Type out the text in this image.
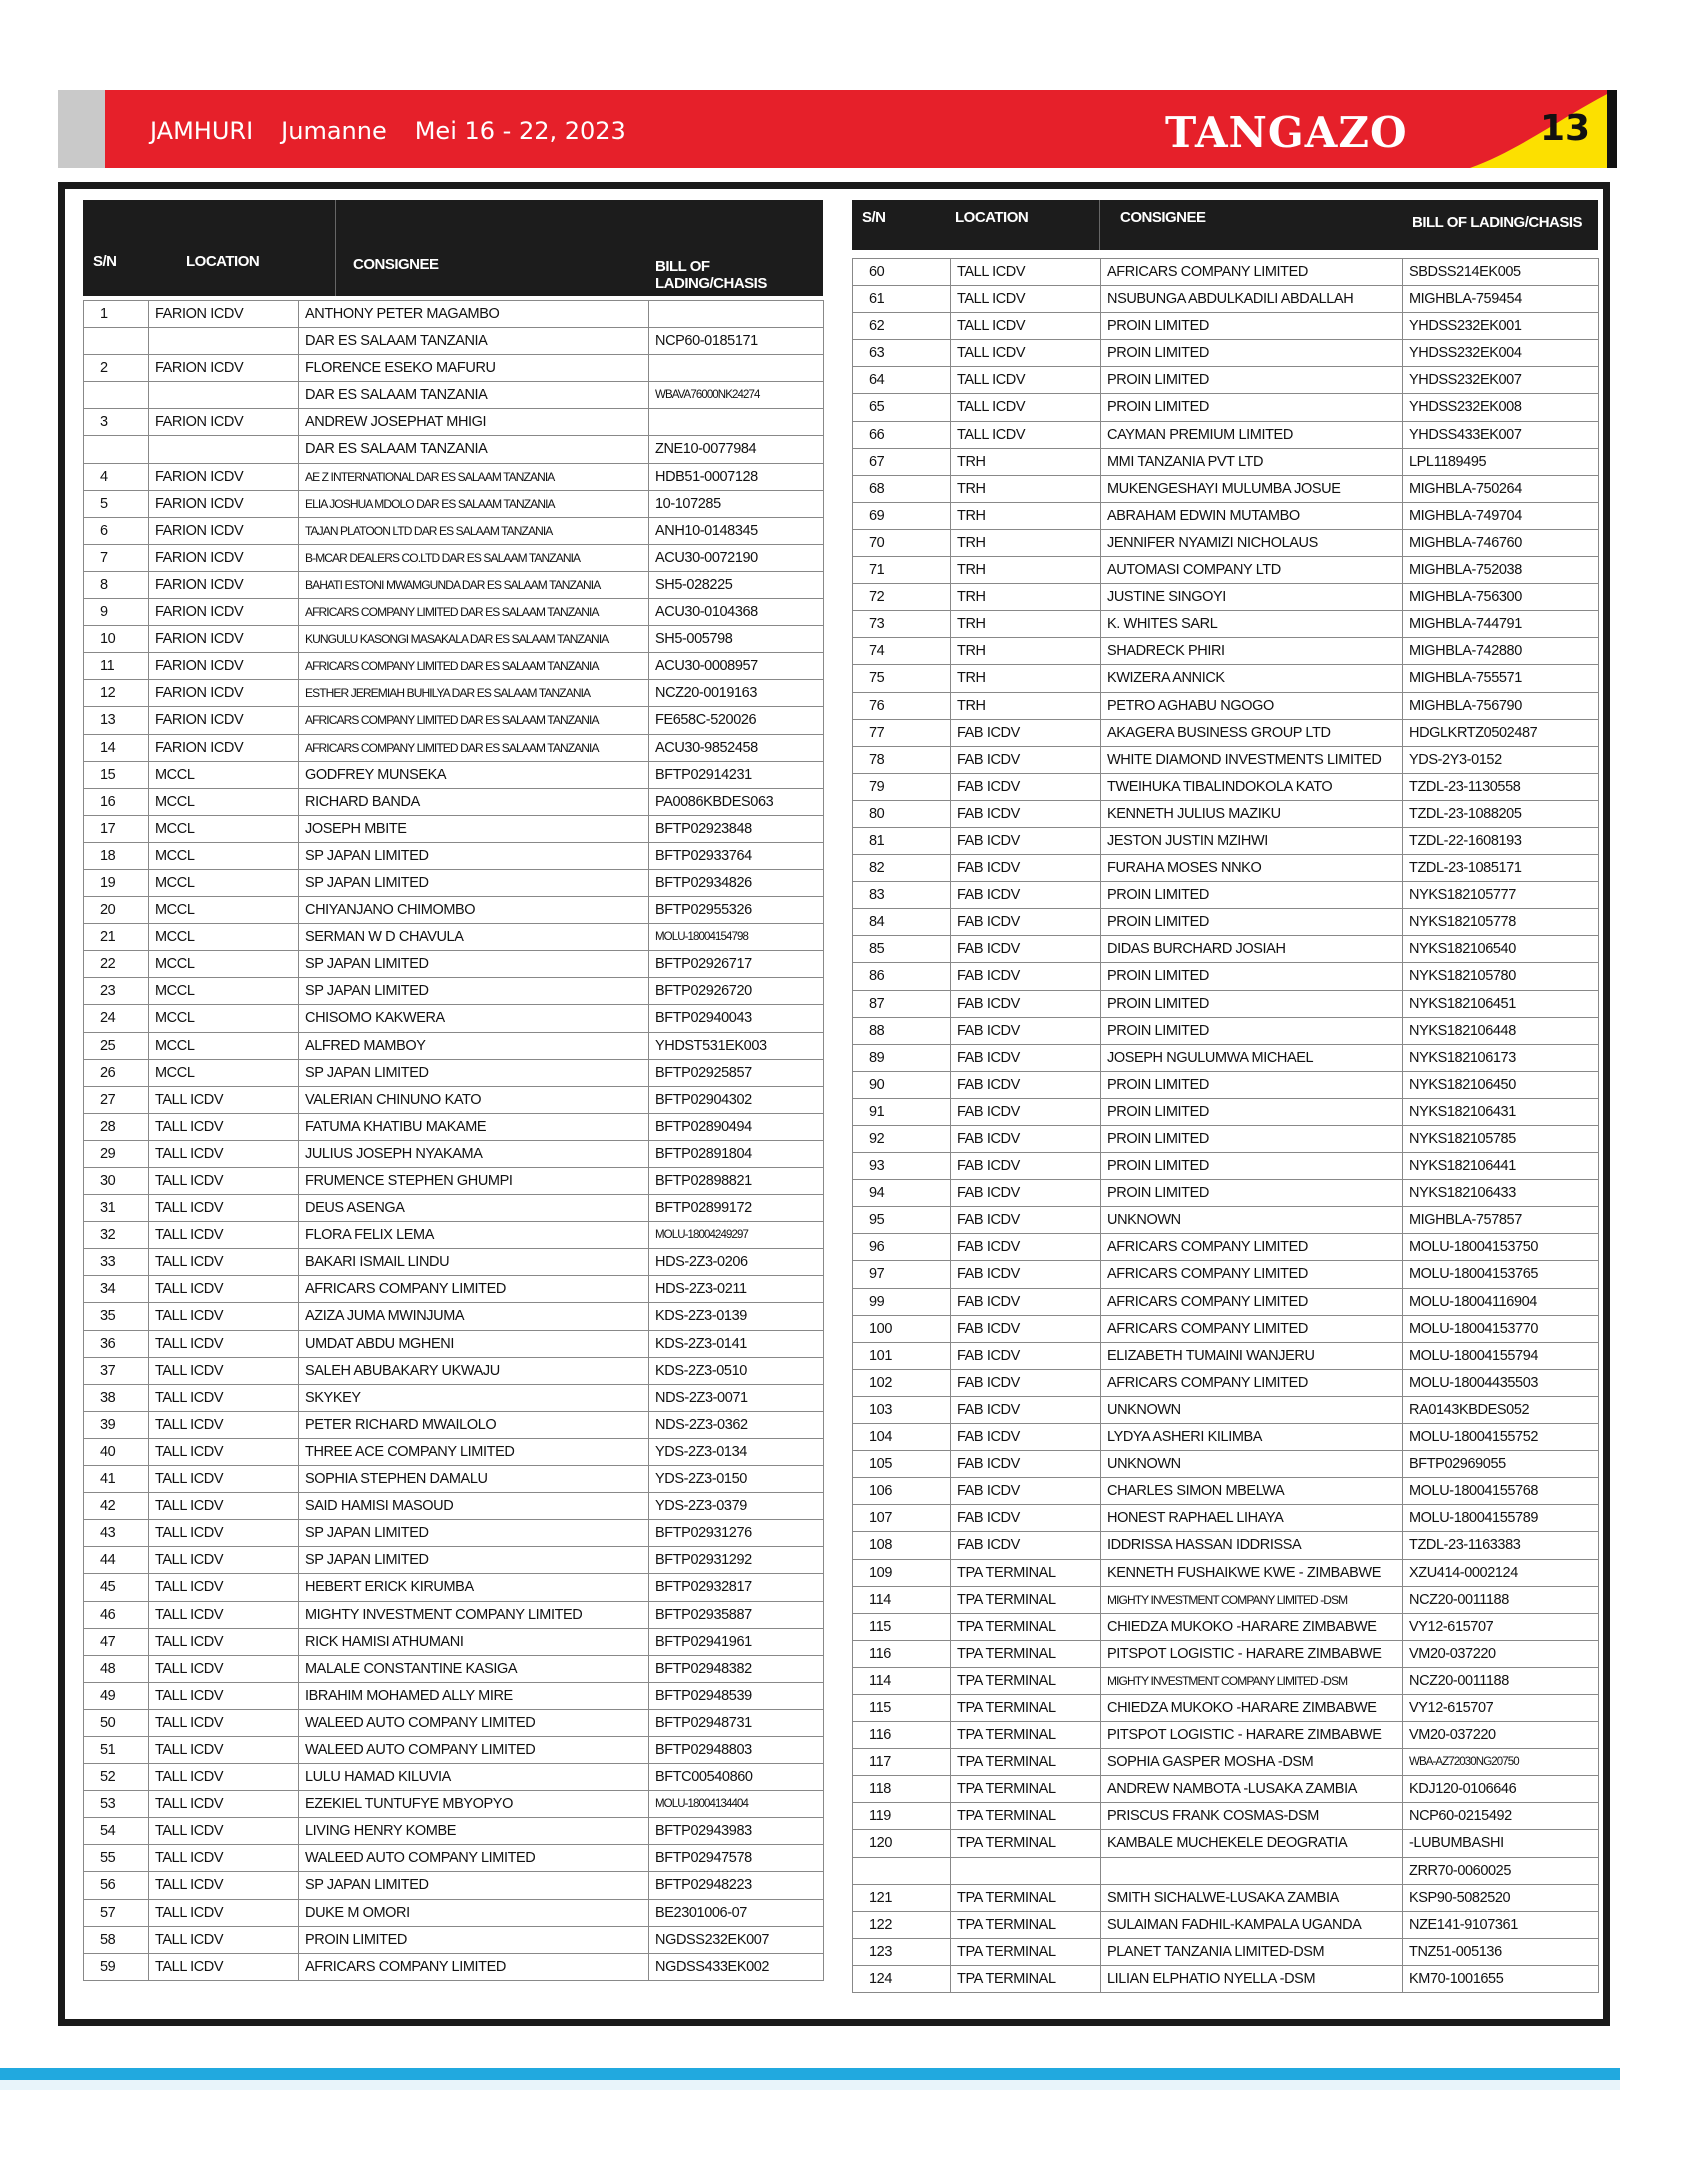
JAMHURI Jumanne Mei 16 - 22, 2023	TANGAZO	13
S/N	LOCATION	CONSIGNEE	BILL OF LADING/CHASIS
1	FARION ICDV	ANTHONY PETER MAGAMBO	
		DAR ES SALAAM TANZANIA	NCP60-0185171
2	FARION ICDV	FLORENCE ESEKO MAFURU	
		DAR ES SALAAM TANZANIA	WBAVA76000NK24274
3	FARION ICDV	ANDREW JOSEPHAT MHIGI	
		DAR ES SALAAM TANZANIA	ZNE10-0077984
4	FARION ICDV	AE Z INTERNATIONAL DAR ES SALAAM TANZANIA	HDB51-0007128
5	FARION ICDV	ELIA JOSHUA MDOLO DAR ES SALAAM TANZANIA	10-107285
6	FARION ICDV	TAJAN PLATOON LTD DAR ES SALAAM TANZANIA	ANH10-0148345
7	FARION ICDV	B-MCAR DEALERS CO.LTD DAR ES SALAAM TANZANIA	ACU30-0072190
8	FARION ICDV	BAHATI ESTONI MWAMGUNDA DAR ES SALAAM TANZANIA	SH5-028225
9	FARION ICDV	AFRICARS COMPANY LIMITED DAR ES SALAAM TANZANIA	ACU30-0104368
10	FARION ICDV	KUNGULU KASONGI MASAKALA DAR ES SALAAM TANZANIA	SH5-005798
11	FARION ICDV	AFRICARS COMPANY LIMITED DAR ES SALAAM TANZANIA	ACU30-0008957
12	FARION ICDV	ESTHER JEREMIAH BUHILYA DAR ES SALAAM TANZANIA	NCZ20-0019163
13	FARION ICDV	AFRICARS COMPANY LIMITED DAR ES SALAAM TANZANIA	FE658C-520026
14	FARION ICDV	AFRICARS COMPANY LIMITED DAR ES SALAAM TANZANIA	ACU30-9852458
15	MCCL	GODFREY MUNSEKA	BFTP02914231
16	MCCL	RICHARD BANDA	PA0086KBDES063
17	MCCL	JOSEPH MBITE	BFTP02923848
18	MCCL	SP JAPAN LIMITED	BFTP02933764
19	MCCL	SP JAPAN LIMITED	BFTP02934826
20	MCCL	CHIYANJANO CHIMOMBO	BFTP02955326
21	MCCL	SERMAN W D CHAVULA	MOLU-18004154798
22	MCCL	SP JAPAN LIMITED	BFTP02926717
23	MCCL	SP JAPAN LIMITED	BFTP02926720
24	MCCL	CHISOMO KAKWERA	BFTP02940043
25	MCCL	ALFRED MAMBOY	YHDST531EK003
26	MCCL	SP JAPAN LIMITED	BFTP02925857
27	TALL ICDV	VALERIAN CHINUNO KATO	BFTP02904302
28	TALL ICDV	FATUMA KHATIBU MAKAME	BFTP02890494
29	TALL ICDV	JULIUS JOSEPH NYAKAMA	BFTP02891804
30	TALL ICDV	FRUMENCE STEPHEN GHUMPI	BFTP02898821
31	TALL ICDV	DEUS ASENGA	BFTP02899172
32	TALL ICDV	FLORA FELIX LEMA	MOLU-18004249297
33	TALL ICDV	BAKARI ISMAIL LINDU	HDS-2Z3-0206
34	TALL ICDV	AFRICARS COMPANY LIMITED	HDS-2Z3-0211
35	TALL ICDV	AZIZA JUMA MWINJUMA	KDS-2Z3-0139
36	TALL ICDV	UMDAT ABDU MGHENI	KDS-2Z3-0141
37	TALL ICDV	SALEH ABUBAKARY UKWAJU	KDS-2Z3-0510
38	TALL ICDV	SKYKEY	NDS-2Z3-0071
39	TALL ICDV	PETER RICHARD MWAILOLO	NDS-2Z3-0362
40	TALL ICDV	THREE ACE COMPANY LIMITED	YDS-2Z3-0134
41	TALL ICDV	SOPHIA STEPHEN DAMALU	YDS-2Z3-0150
42	TALL ICDV	SAID HAMISI MASOUD	YDS-2Z3-0379
43	TALL ICDV	SP JAPAN LIMITED	BFTP02931276
44	TALL ICDV	SP JAPAN LIMITED	BFTP02931292
45	TALL ICDV	HEBERT ERICK KIRUMBA	BFTP02932817
46	TALL ICDV	MIGHTY INVESTMENT COMPANY LIMITED	BFTP02935887
47	TALL ICDV	RICK HAMISI ATHUMANI	BFTP02941961
48	TALL ICDV	MALALE CONSTANTINE KASIGA	BFTP02948382
49	TALL ICDV	IBRAHIM MOHAMED ALLY MIRE	BFTP02948539
50	TALL ICDV	WALEED AUTO COMPANY LIMITED	BFTP02948731
51	TALL ICDV	WALEED AUTO COMPANY LIMITED	BFTP02948803
52	TALL ICDV	LULU HAMAD KILUVIA	BFTC00540860
53	TALL ICDV	EZEKIEL TUNTUFYE MBYOPYO	MOLU-18004134404
54	TALL ICDV	LIVING HENRY KOMBE	BFTP02943983
55	TALL ICDV	WALEED AUTO COMPANY LIMITED	BFTP02947578
56	TALL ICDV	SP JAPAN LIMITED	BFTP02948223
57	TALL ICDV	DUKE M OMORI	BE2301006-07
58	TALL ICDV	PROIN LIMITED	NGDSS232EK007
59	TALL ICDV	AFRICARS COMPANY LIMITED	NGDSS433EK002
S/N	LOCATION	CONSIGNEE	BILL OF LADING/CHASIS
60	TALL ICDV	AFRICARS COMPANY LIMITED	SBDSS214EK005
61	TALL ICDV	NSUBUNGA ABDULKADILI ABDALLAH	MIGHBLA-759454
62	TALL ICDV	PROIN LIMITED	YHDSS232EK001
63	TALL ICDV	PROIN LIMITED	YHDSS232EK004
64	TALL ICDV	PROIN LIMITED	YHDSS232EK007
65	TALL ICDV	PROIN LIMITED	YHDSS232EK008
66	TALL ICDV	CAYMAN PREMIUM LIMITED	YHDSS433EK007
67	TRH	MMI TANZANIA PVT LTD	LPL1189495
68	TRH	MUKENGESHAYI MULUMBA JOSUE	MIGHBLA-750264
69	TRH	ABRAHAM EDWIN MUTAMBO	MIGHBLA-749704
70	TRH	JENNIFER NYAMIZI NICHOLAUS	MIGHBLA-746760
71	TRH	AUTOMASI COMPANY LTD	MIGHBLA-752038
72	TRH	JUSTINE SINGOYI	MIGHBLA-756300
73	TRH	K. WHITES SARL	MIGHBLA-744791
74	TRH	SHADRECK PHIRI	MIGHBLA-742880
75	TRH	KWIZERA ANNICK	MIGHBLA-755571
76	TRH	PETRO AGHABU NGOGO	MIGHBLA-756790
77	FAB ICDV	AKAGERA BUSINESS GROUP LTD	HDGLKRTZ0502487
78	FAB ICDV	WHITE DIAMOND INVESTMENTS LIMITED	YDS-2Y3-0152
79	FAB ICDV	TWEIHUKA TIBALINDOKOLA KATO	TZDL-23-1130558
80	FAB ICDV	KENNETH JULIUS MAZIKU	TZDL-23-1088205
81	FAB ICDV	JESTON JUSTIN MZIHWI	TZDL-22-1608193
82	FAB ICDV	FURAHA MOSES NNKO	TZDL-23-1085171
83	FAB ICDV	PROIN LIMITED	NYKS182105777
84	FAB ICDV	PROIN LIMITED	NYKS182105778
85	FAB ICDV	DIDAS BURCHARD JOSIAH	NYKS182106540
86	FAB ICDV	PROIN LIMITED	NYKS182105780
87	FAB ICDV	PROIN LIMITED	NYKS182106451
88	FAB ICDV	PROIN LIMITED	NYKS182106448
89	FAB ICDV	JOSEPH NGULUMWA MICHAEL	NYKS182106173
90	FAB ICDV	PROIN LIMITED	NYKS182106450
91	FAB ICDV	PROIN LIMITED	NYKS182106431
92	FAB ICDV	PROIN LIMITED	NYKS182105785
93	FAB ICDV	PROIN LIMITED	NYKS182106441
94	FAB ICDV	PROIN LIMITED	NYKS182106433
95	FAB ICDV	UNKNOWN	MIGHBLA-757857
96	FAB ICDV	AFRICARS COMPANY LIMITED	MOLU-18004153750
97	FAB ICDV	AFRICARS COMPANY LIMITED	MOLU-18004153765
99	FAB ICDV	AFRICARS COMPANY LIMITED	MOLU-18004116904
100	FAB ICDV	AFRICARS COMPANY LIMITED	MOLU-18004153770
101	FAB ICDV	ELIZABETH TUMAINI WANJERU	MOLU-18004155794
102	FAB ICDV	AFRICARS COMPANY LIMITED	MOLU-18004435503
103	FAB ICDV	UNKNOWN	RA0143KBDES052
104	FAB ICDV	LYDYA ASHERI KILIMBA	MOLU-18004155752
105	FAB ICDV	UNKNOWN	BFTP02969055
106	FAB ICDV	CHARLES SIMON MBELWA	MOLU-18004155768
107	FAB ICDV	HONEST RAPHAEL LIHAYA	MOLU-18004155789
108	FAB ICDV	IDDRISSA HASSAN IDDRISSA	TZDL-23-1163383
109	TPA TERMINAL	KENNETH FUSHAIKWE KWE - ZIMBABWE	XZU414-0002124
114	TPA TERMINAL	MIGHTY INVESTMENT COMPANY LIMITED -DSM	NCZ20-0011188
115	TPA TERMINAL	CHIEDZA MUKOKO -HARARE ZIMBABWE	VY12-615707
116	TPA TERMINAL	PITSPOT LOGISTIC - HARARE ZIMBABWE	VM20-037220
114	TPA TERMINAL	MIGHTY INVESTMENT COMPANY LIMITED -DSM	NCZ20-0011188
115	TPA TERMINAL	CHIEDZA MUKOKO -HARARE ZIMBABWE	VY12-615707
116	TPA TERMINAL	PITSPOT LOGISTIC - HARARE ZIMBABWE	VM20-037220
117	TPA TERMINAL	SOPHIA GASPER MOSHA -DSM	WBA-AZ72030NG20750
118	TPA TERMINAL	ANDREW NAMBOTA -LUSAKA ZAMBIA	KDJ120-0106646
119	TPA TERMINAL	PRISCUS FRANK COSMAS-DSM	NCP60-0215492
120	TPA TERMINAL	KAMBALE MUCHEKELE DEOGRATIA	-LUBUMBASHI
			ZRR70-0060025
121	TPA TERMINAL	SMITH SICHALWE-LUSAKA ZAMBIA	KSP90-5082520
122	TPA TERMINAL	SULAIMAN FADHIL-KAMPALA UGANDA	NZE141-9107361
123	TPA TERMINAL	PLANET TANZANIA LIMITED-DSM	TNZ51-005136
124	TPA TERMINAL	LILIAN ELPHATIO NYELLA -DSM	KM70-1001655
